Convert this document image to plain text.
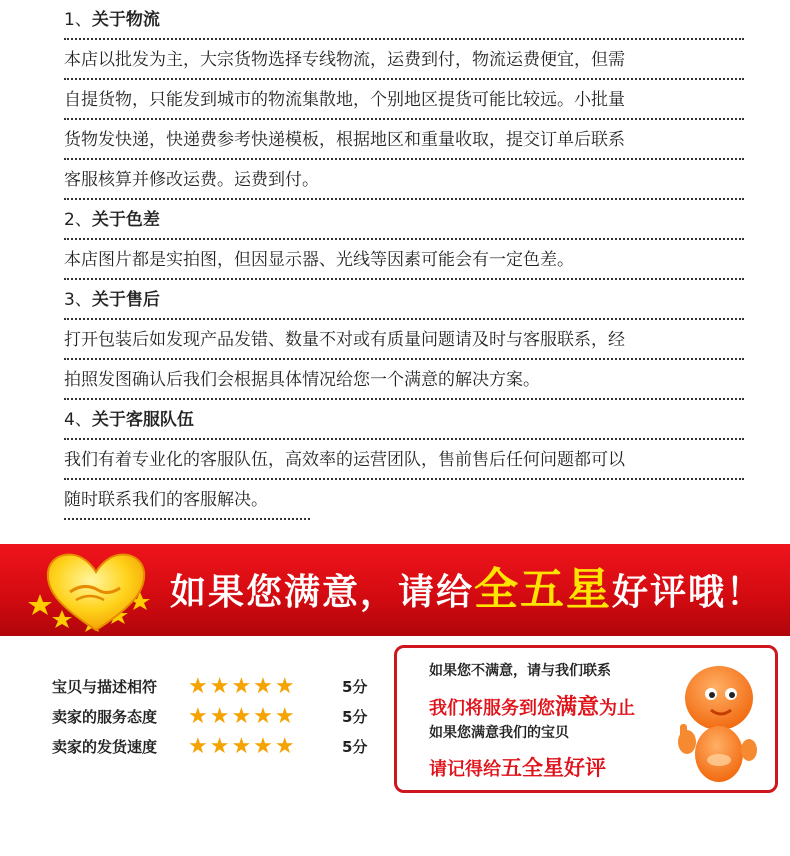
1、关于物流
本店以批发为主，大宗货物选择专线物流，运费到付，物流运费便宜，但需
自提货物，只能发到城市的物流集散地，个别地区提货可能比较远。小批量
货物发快递，快递费参考快递模板，根据地区和重量收取，提交订单后联系
客服核算并修改运费。运费到付。
2、关于色差
本店图片都是实拍图，但因显示器、光线等因素可能会有一定色差。
3、关于售后
打开包装后如发现产品发错、数量不对或有质量问题请及时与客服联系，经
拍照发图确认后我们会根据具体情况给您一个满意的解决方案。
4、关于客服队伍
我们有着专业化的客服队伍，高效率的运营团队，售前售后任何问题都可以
随时联系我们的客服解决。
如果您满意，请给全五星好评哦！
宝贝与描述相符 ★★★★★	5分
卖家的服务态度 ★★★★★	5分
卖家的发货速度 ★★★★★	5分
如果您不满意，请与我们联系
我们将服务到您满意为止
如果您满意我们的宝贝
请记得给五全星好评
